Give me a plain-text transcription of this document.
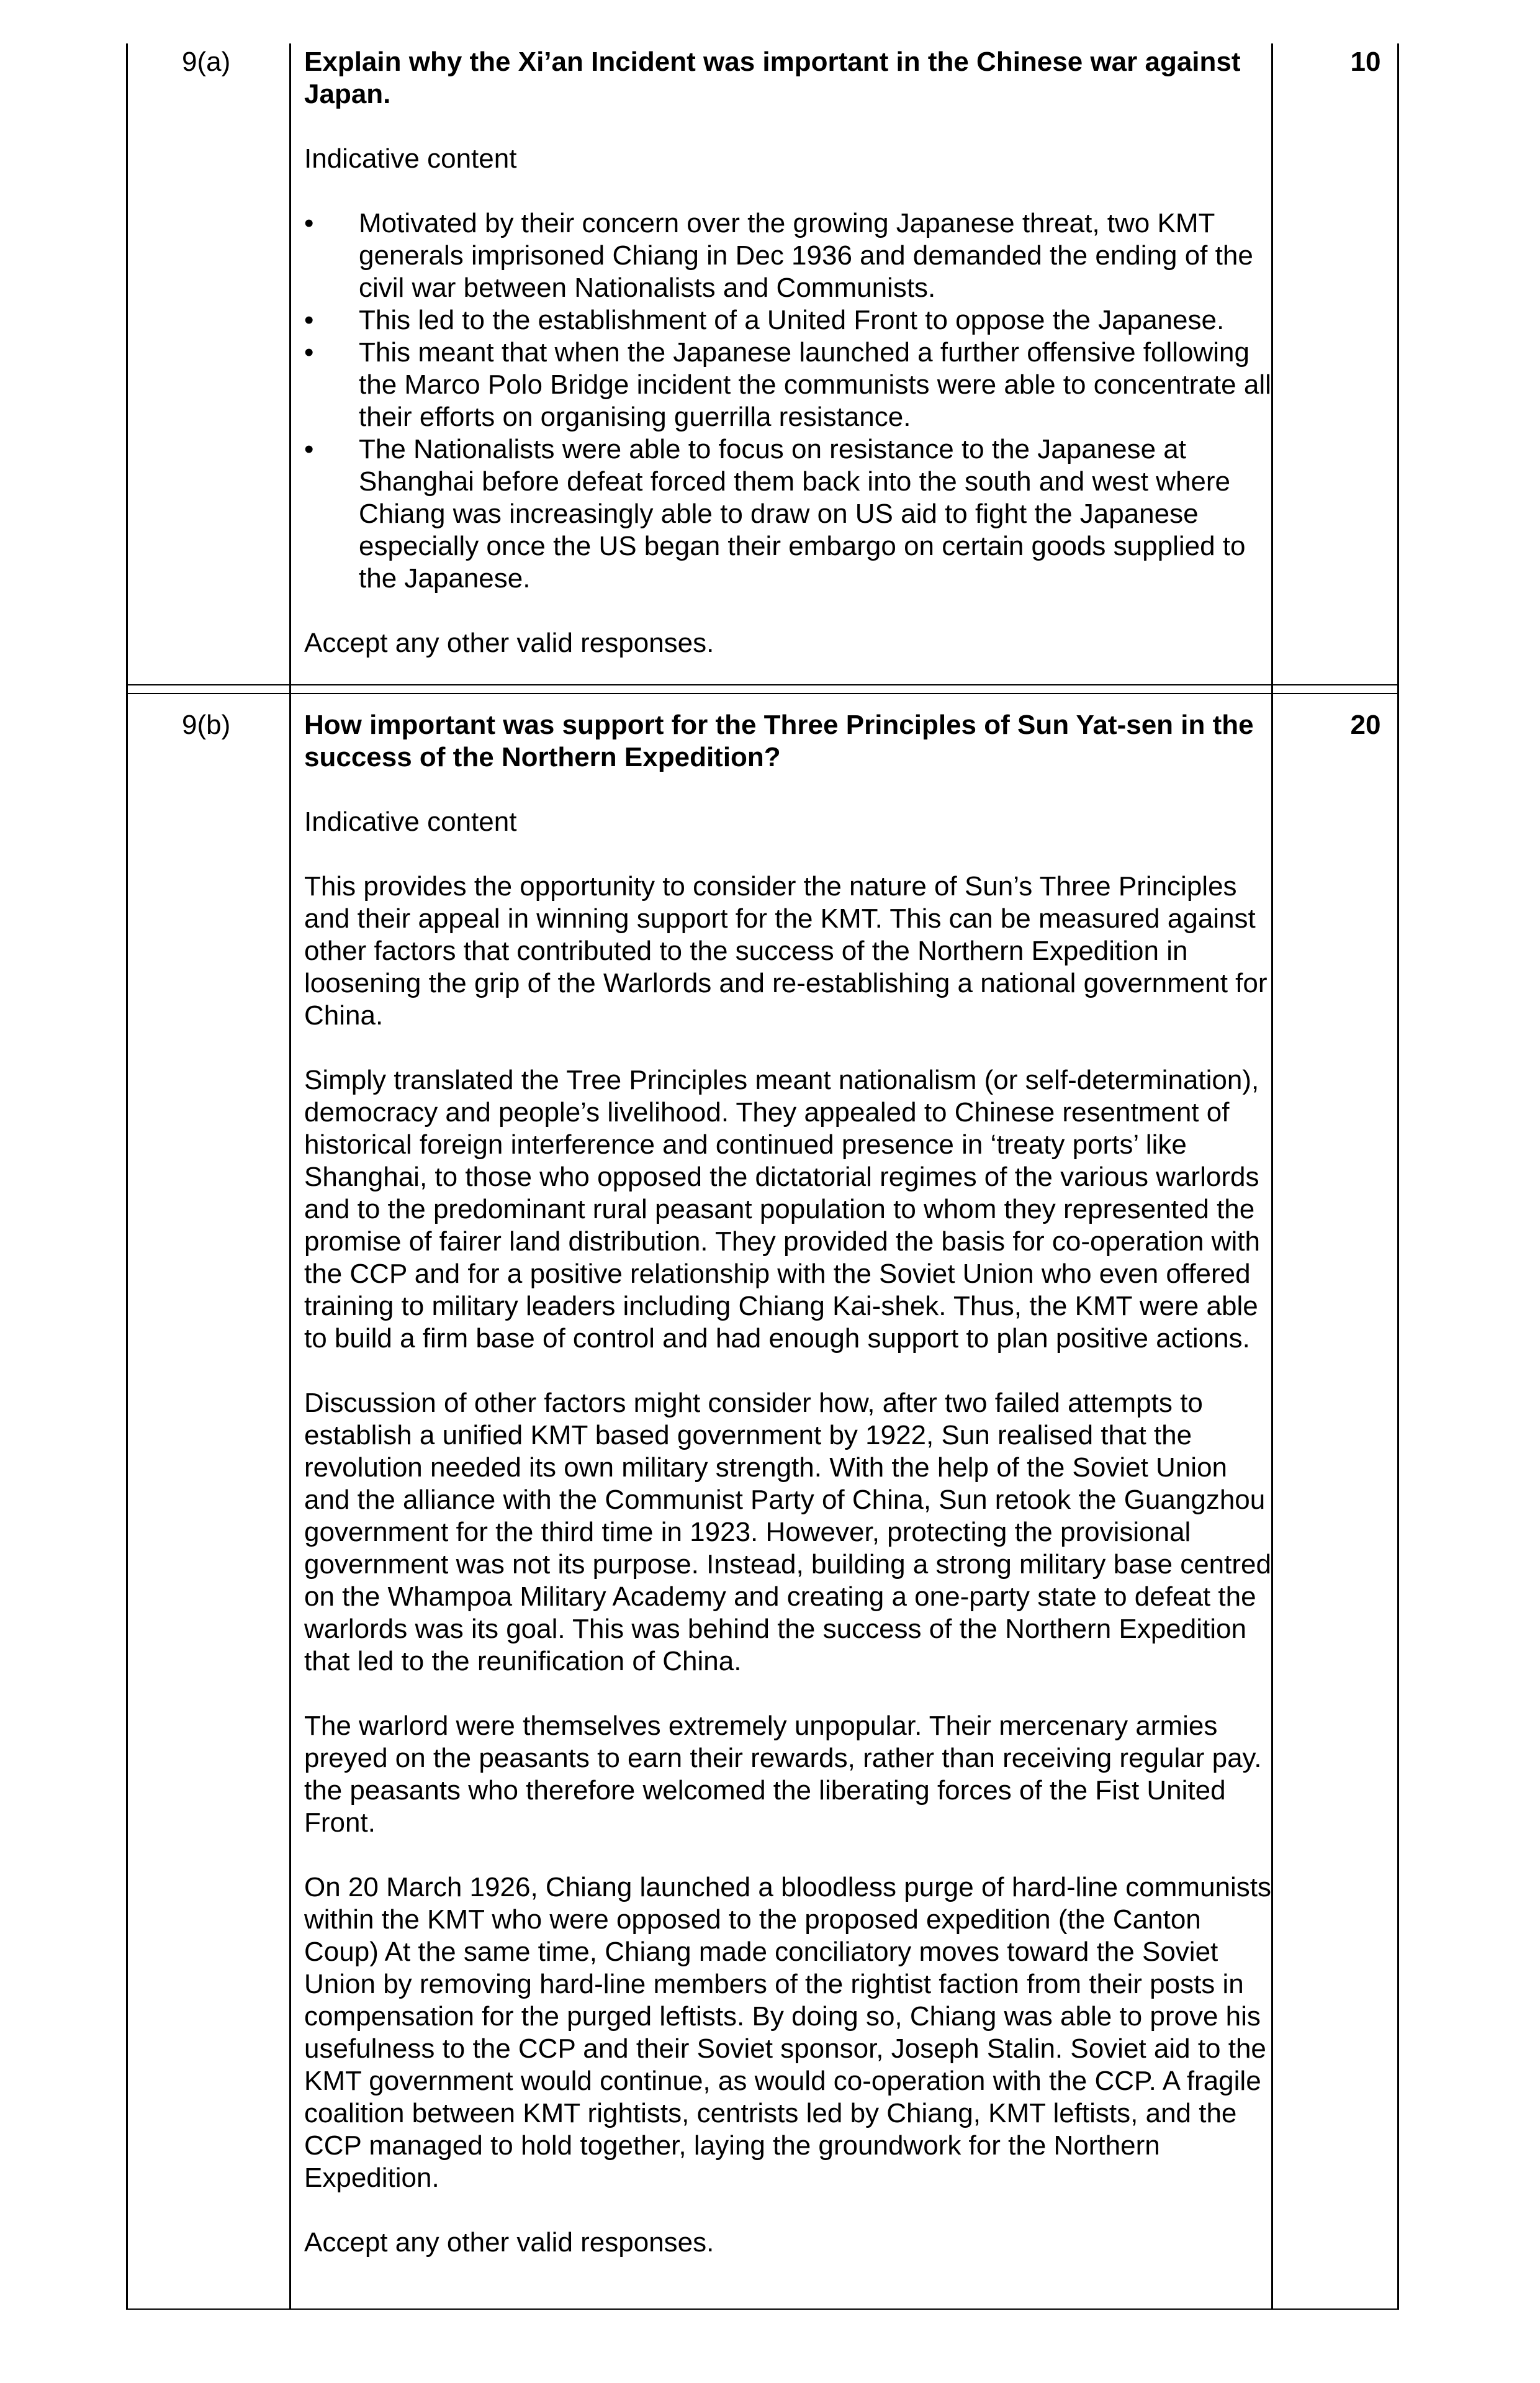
9(a)	10

Explain why the Xi’an Incident was important in the Chinese war against Japan.

Indicative content

• Motivated by their concern over the growing Japanese threat, two KMT generals imprisoned Chiang in Dec 1936 and demanded the ending of the civil war between Nationalists and Communists.
• This led to the establishment of a United Front to oppose the Japanese.
• This meant that when the Japanese launched a further offensive following the Marco Polo Bridge incident the communists were able to concentrate all their efforts on organising guerrilla resistance.
• The Nationalists were able to focus on resistance to the Japanese at Shanghai before defeat forced them back into the south and west where Chiang was increasingly able to draw on US aid to fight the Japanese especially once the US began their embargo on certain goods supplied to the Japanese.

Accept any other valid responses.

9(b)	20

How important was support for the Three Principles of Sun Yat-sen in the success of the Northern Expedition?

Indicative content

This provides the opportunity to consider the nature of Sun’s Three Principles and their appeal in winning support for the KMT. This can be measured against other factors that contributed to the success of the Northern Expedition in loosening the grip of the Warlords and re-establishing a national government for China.

Simply translated the Tree Principles meant nationalism (or self-determination), democracy and people’s livelihood. They appealed to Chinese resentment of historical foreign interference and continued presence in ‘treaty ports’ like Shanghai, to those who opposed the dictatorial regimes of the various warlords and to the predominant rural peasant population to whom they represented the promise of fairer land distribution. They provided the basis for co-operation with the CCP and for a positive relationship with the Soviet Union who even offered training to military leaders including Chiang Kai-shek. Thus, the KMT were able to build a firm base of control and had enough support to plan positive actions.

Discussion of other factors might consider how, after two failed attempts to establish a unified KMT based government by 1922, Sun realised that the revolution needed its own military strength. With the help of the Soviet Union and the alliance with the Communist Party of China, Sun retook the Guangzhou government for the third time in 1923. However, protecting the provisional government was not its purpose. Instead, building a strong military base centred on the Whampoa Military Academy and creating a one-party state to defeat the warlords was its goal. This was behind the success of the Northern Expedition that led to the reunification of China.

The warlord were themselves extremely unpopular. Their mercenary armies preyed on the peasants to earn their rewards, rather than receiving regular pay. the peasants who therefore welcomed the liberating forces of the Fist United Front.

On 20 March 1926, Chiang launched a bloodless purge of hard-line communists within the KMT who were opposed to the proposed expedition (the Canton Coup) At the same time, Chiang made conciliatory moves toward the Soviet Union by removing hard-line members of the rightist faction from their posts in compensation for the purged leftists. By doing so, Chiang was able to prove his usefulness to the CCP and their Soviet sponsor, Joseph Stalin. Soviet aid to the KMT government would continue, as would co-operation with the CCP. A fragile coalition between KMT rightists, centrists led by Chiang, KMT leftists, and the CCP managed to hold together, laying the groundwork for the Northern Expedition.

Accept any other valid responses.
